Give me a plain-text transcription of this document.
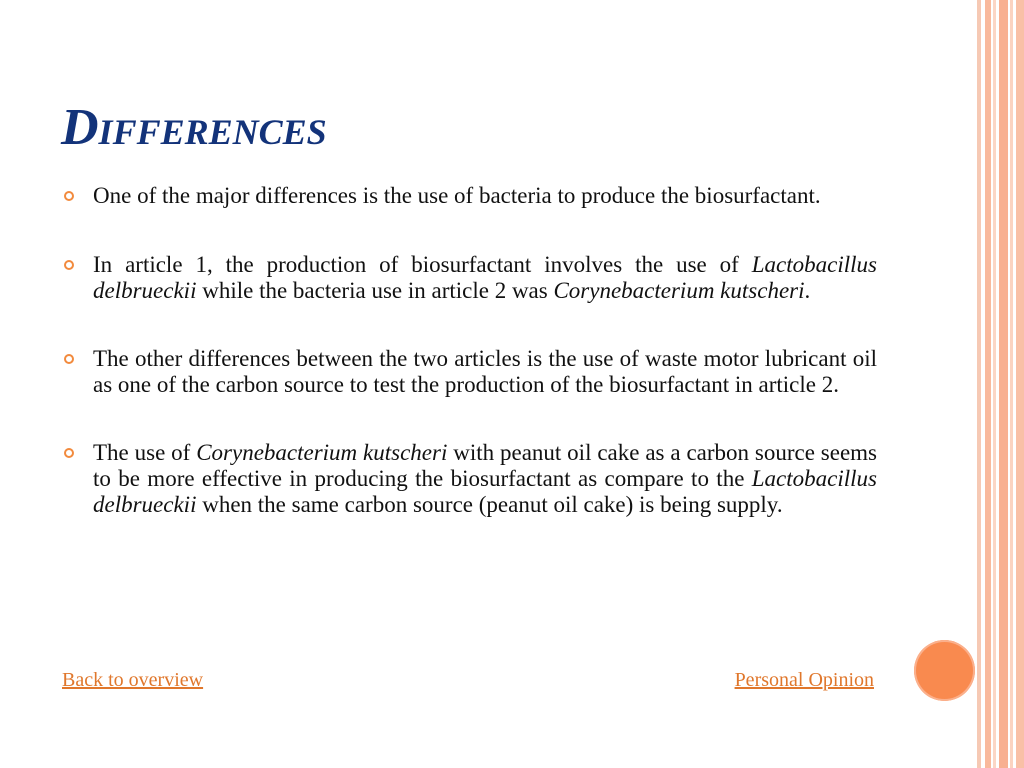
Differences
One of the major differences is the use of bacteria to produce the biosurfactant.
In article 1, the production of biosurfactant involves the use of Lactobacillus delbrueckii while the bacteria use in article 2 was Corynebacterium kutscheri.
The other differences between the two articles is the use of waste motor lubricant oil as one of the carbon source to test the production of the biosurfactant in article 2.
The use of Corynebacterium kutscheri with peanut oil cake as a carbon source seems to be more effective in producing the biosurfactant as compare to the Lactobacillus delbrueckii when the same carbon source (peanut oil cake) is being supply.
Back to overview	Personal Opinion
